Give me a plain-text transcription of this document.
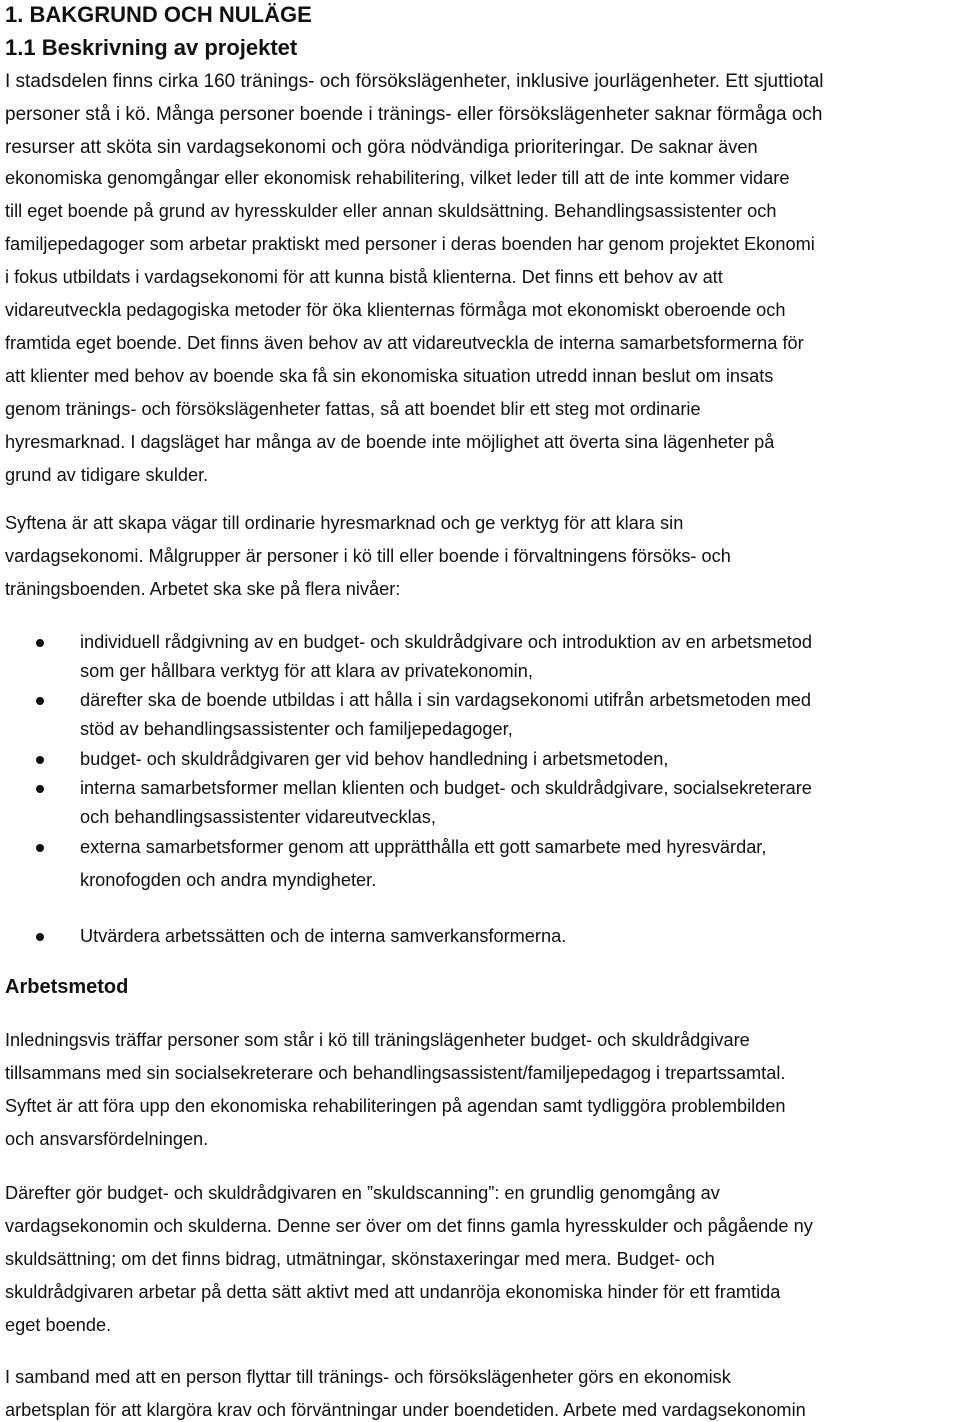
1. BAKGRUND OCH NULÄGE
1.1 Beskrivning av projektet
I stadsdelen finns cirka 160 tränings- och försökslägenheter, inklusive jourlägenheter. Ett sjuttiotal
personer stå i kö. Många personer boende i tränings- eller försökslägenheter saknar förmåga och
resurser att sköta sin vardagsekonomi och göra nödvändiga prioriteringar. De saknar även
ekonomiska genomgångar eller ekonomisk rehabilitering, vilket leder till att de inte kommer vidare
till eget boende på grund av hyresskulder eller annan skuldsättning. Behandlingsassistenter och
familjepedagoger som arbetar praktiskt med personer i deras boenden har genom projektet Ekonomi
i fokus utbildats i vardagsekonomi för att kunna bistå klienterna. Det finns ett behov av att
vidareutveckla pedagogiska metoder för öka klienternas förmåga mot ekonomiskt oberoende och
framtida eget boende. Det finns även behov av att vidareutveckla de interna samarbetsformerna för
att klienter med behov av boende ska få sin ekonomiska situation utredd innan beslut om insats
genom tränings- och försökslägenheter fattas, så att boendet blir ett steg mot ordinarie
hyresmarknad. I dagsläget har många av de boende inte möjlighet att överta sina lägenheter på
grund av tidigare skulder.
Syftena är att skapa vägar till ordinarie hyresmarknad och ge verktyg för att klara sin
vardagsekonomi. Målgrupper är personer i kö till eller boende i förvaltningens försöks- och
träningsboenden. Arbetet ska ske på flera nivåer:
individuell rådgivning av en budget- och skuldrådgivare och introduktion av en arbetsmetod
som ger hållbara verktyg för att klara av privatekonomin,
därefter ska de boende utbildas i att hålla i sin vardagsekonomi utifrån arbetsmetoden med
stöd av behandlingsassistenter och familjepedagoger,
budget- och skuldrådgivaren ger vid behov handledning i arbetsmetoden,
interna samarbetsformer mellan klienten och budget- och skuldrådgivare, socialsekreterare
och behandlingsassistenter vidareutvecklas,
externa samarbetsformer genom att upprätthålla ett gott samarbete med hyresvärdar,
kronofogden och andra myndigheter.
Utvärdera arbetssätten och de interna samverkansformerna.
Arbetsmetod
Inledningsvis träffar personer som står i kö till träningslägenheter budget- och skuldrådgivare
tillsammans med sin socialsekreterare och behandlingsassistent/familjepedagog i trepartssamtal.
Syftet är att föra upp den ekonomiska rehabiliteringen på agendan samt tydliggöra problembilden
och ansvarsfördelningen.
Därefter gör budget- och skuldrådgivaren en ”skuldscanning”: en grundlig genomgång av
vardagsekonomin och skulderna. Denne ser över om det finns gamla hyresskulder och pågående ny
skuldsättning; om det finns bidrag, utmätningar, skönstaxeringar med mera. Budget- och
skuldrådgivaren arbetar på detta sätt aktivt med att undanröja ekonomiska hinder för ett framtida
eget boende.
I samband med att en person flyttar till tränings- och försökslägenheter görs en ekonomisk
arbetsplan för att klargöra krav och förväntningar under boendetiden. Arbete med vardagsekonomin
